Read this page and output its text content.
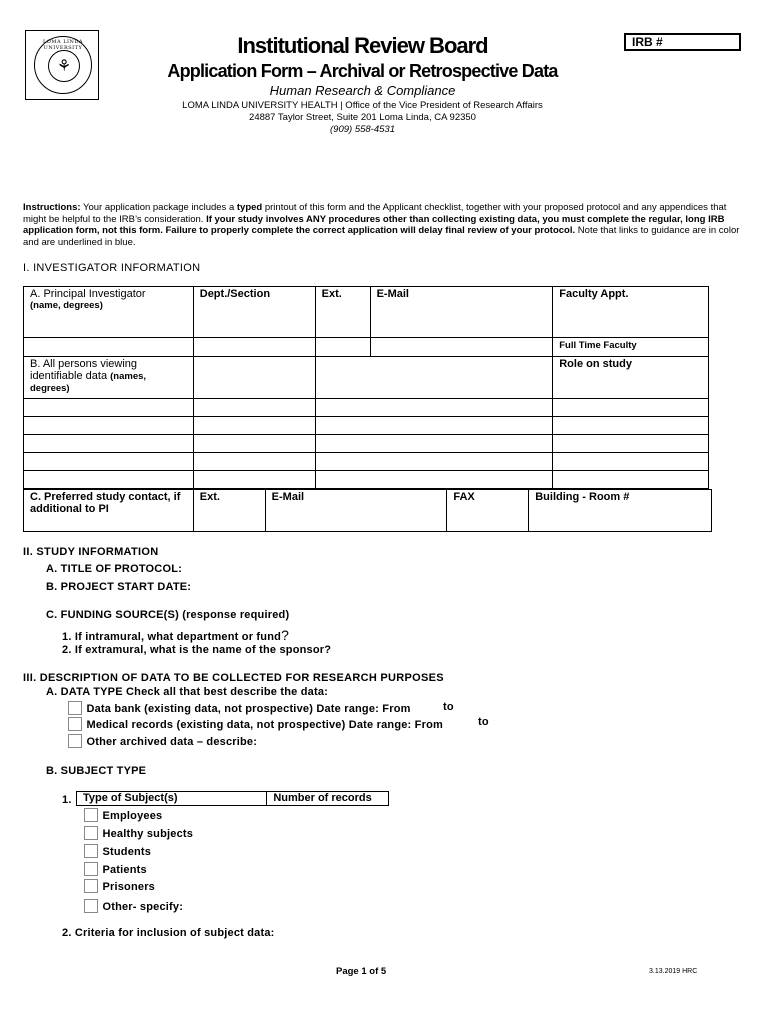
LOMA LINDA UNIVERSITY
⚘
IRB #
Institutional Review Board
Application Form – Archival or Retrospective Data
Human Research & Compliance
LOMA LINDA UNIVERSITY HEALTH | Office of the Vice President of Research Affairs
24887 Taylor Street, Suite 201 Loma Linda, CA 92350
(909) 558-4531
Instructions: Your application package includes a typed printout of this form and the Applicant checklist, together with your proposed protocol and any appendices that might be helpful to the IRB’s consideration. If your study involves ANY procedures other than collecting existing data, you must complete the regular, long IRB application form, not this form. Failure to properly complete the correct application will delay final review of your protocol. Note that links to guidance are in color and are underlined in blue.
I. INVESTIGATOR INFORMATION
A. Principal Investigator
(name, degrees)	Dept./Section	Ext.	E-Mail	Faculty Appt.
				Full Time Faculty
B. All persons viewing identifiable data (names, degrees)				Role on study

C. Preferred study contact, if additional to PI	Ext.	E-Mail	FAX	Building - Room #
II. STUDY INFORMATION
A. TITLE OF PROTOCOL:
B. PROJECT START DATE:
C. FUNDING SOURCE(S) (response required)
1. If intramural, what department or fund?
2. If extramural, what is the name of the sponsor?
III. DESCRIPTION OF DATA TO BE COLLECTED FOR RESEARCH PURPOSES
A. DATA TYPE Check all that best describe the data:
Data bank (existing data, not prospective) Date range: From	to
Medical records (existing data, not prospective) Date range: From	to
Other archived data – describe:
B. SUBJECT TYPE
1. Type of Subject(s)	Number of records
Employees
Healthy subjects
Students
Patients
Prisoners
Other- specify:
2. Criteria for inclusion of subject data:
Page 1 of 5	3.13.2019 HRC
